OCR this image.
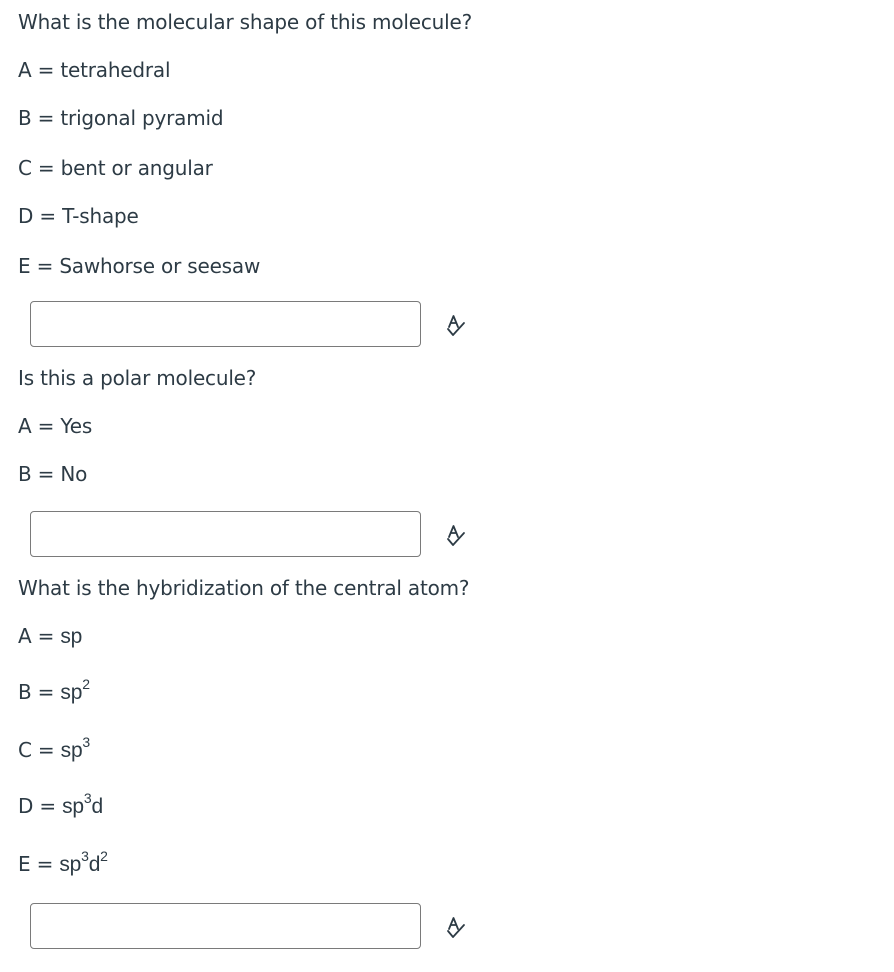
What is the molecular shape of this molecule?
A = tetrahedral
B = trigonal pyramid
C = bent or angular
D = T-shape
E = Sawhorse or seesaw
Is this a polar molecule?
A = Yes
B = No
What is the hybridization of the central atom?
A = sp
$B = sp^2$
$C = sp^3$
$D = sp^3d$
$E = sp^3d^2$
